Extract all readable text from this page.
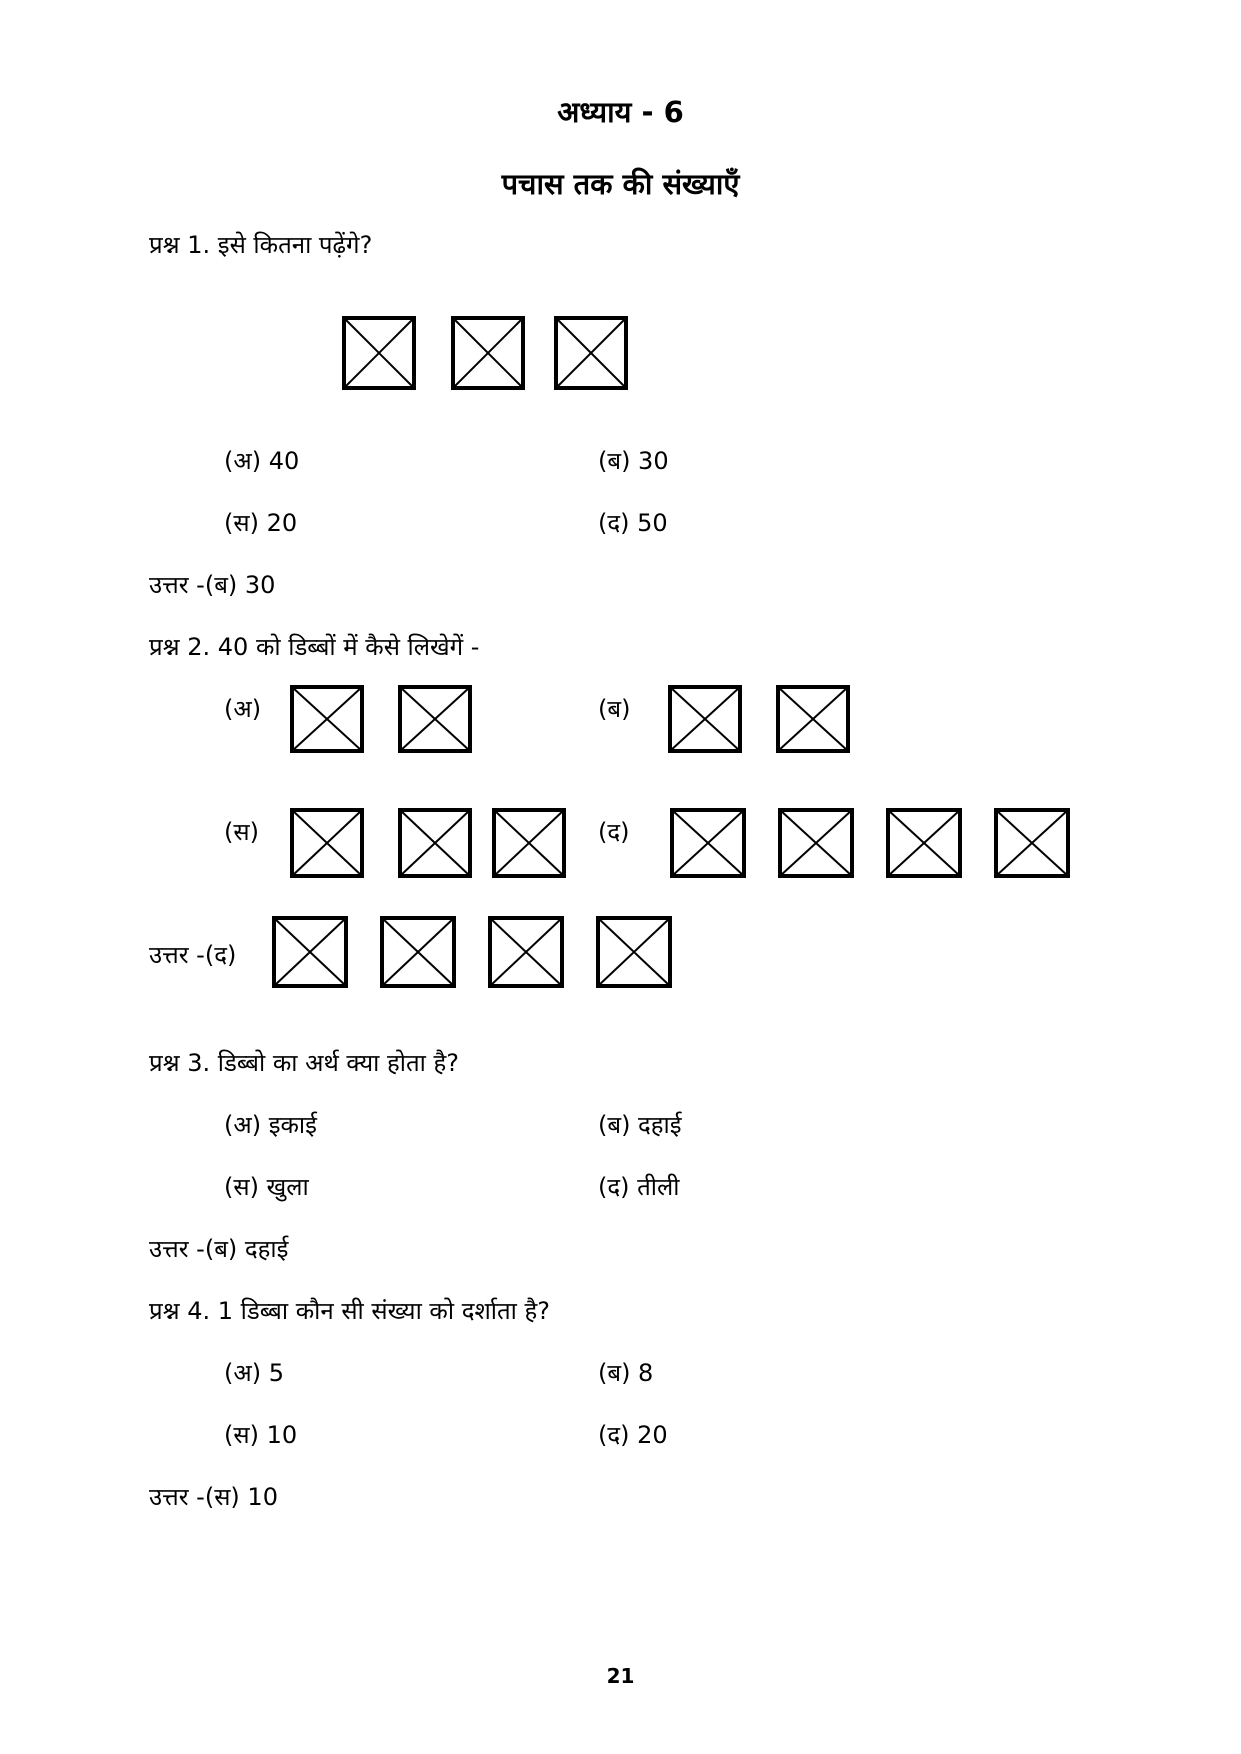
अध्याय - 6
पचास तक की संख्याएँ
प्रश्न 1. इसे कितना पढ़ेंगे?
(अ) 40	(ब) 30
(स) 20	(द) 50
उत्तर -(ब) 30
प्रश्न 2. 40 को डिब्बों में कैसे लिखेगें -
(अ)	(ब)
(स)	(द)
उत्तर -(द)
प्रश्न 3. डिब्बो का अर्थ क्या होता है?
(अ) इकाई	(ब) दहाई
(स) खुला	(द) तीली
उत्तर -(ब) दहाई
प्रश्न 4. 1 डिब्बा कौन सी संख्या को दर्शाता है?
(अ) 5	(ब) 8
(स) 10	(द) 20
उत्तर -(स) 10
21
